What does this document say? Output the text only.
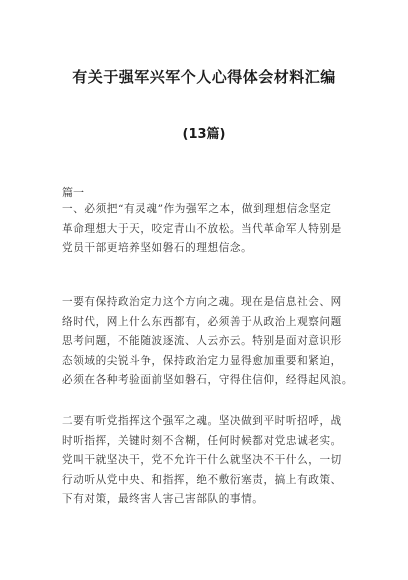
有关于强军兴军个人心得体会材料汇编
(13篇)

篇一

一、必须把“有灵魂”作为强军之本，做到理想信念坚定
革命理想大于天，咬定青山不放松。当代革命军人特别是
党员干部更培养坚如磐石的理想信念。

一要有保持政治定力这个方向之魂。现在是信息社会、网
络时代，网上什么东西都有，必须善于从政治上观察问题
思考问题，不能随波逐流、人云亦云。特别是面对意识形
态领域的尖锐斗争，保持政治定力显得愈加重要和紧迫，
必须在各种考验面前坚如磐石，守得住信仰，经得起风浪。

二要有听党指挥这个强军之魂。坚决做到平时听招呼，战
时听指挥，关键时刻不含糊，任何时候都对党忠诚老实。
党叫干就坚决干，党不允许干什么就坚决不干什么，一切
行动听从党中央、和指挥，绝不敷衍塞责，搞上有政策、
下有对策，最终害人害己害部队的事情。
